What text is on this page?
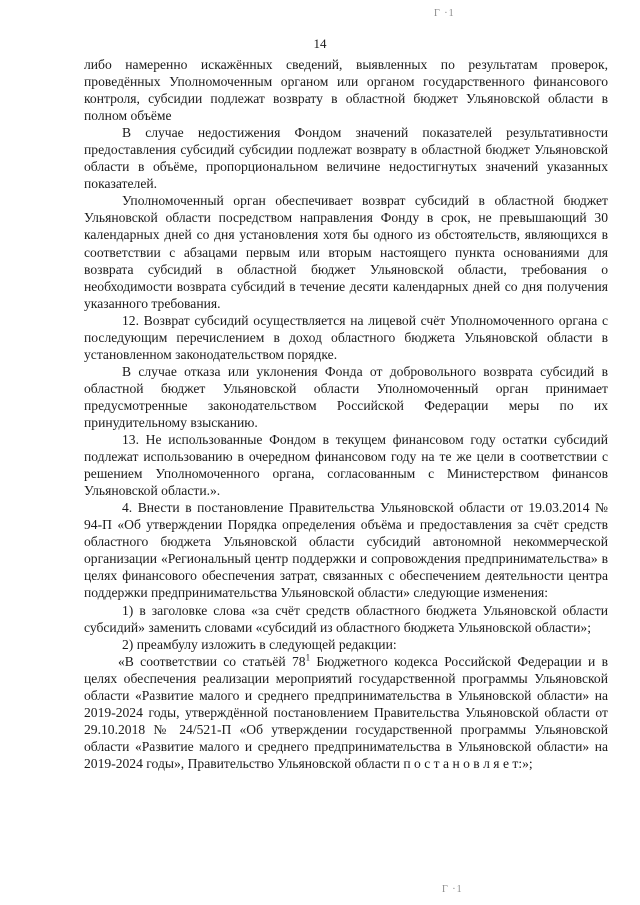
Г ·1
14

либо намеренно искажённых сведений, выявленных по результатам проверок, проведённых Уполномоченным органом или органом государственного финансового контроля, субсидии подлежат возврату в областной бюджет Ульяновской области в полном объёме

В случае недостижения Фондом значений показателей результативности предоставления субсидий субсидии подлежат возврату в областной бюджет Ульяновской области в объёме, пропорциональном величине недостигнутых значений указанных показателей.

Уполномоченный орган обеспечивает возврат субсидий в областной бюджет Ульяновской области посредством направления Фонду в срок, не превышающий 30 календарных дней со дня установления хотя бы одного из обстоятельств, являющихся в соответствии с абзацами первым или вторым настоящего пункта основаниями для возврата субсидий в областной бюджет Ульяновской области, требования о необходимости возврата субсидий в течение десяти календарных дней со дня получения указанного требования.

12. Возврат субсидий осуществляется на лицевой счёт Уполномоченного органа с последующим перечислением в доход областного бюджета Ульяновской области в установленном законодательством порядке.

В случае отказа или уклонения Фонда от добровольного возврата субсидий в областной бюджет Ульяновской области Уполномоченный орган принимает предусмотренные законодательством Российской Федерации меры по их принудительному взысканию.

13. Не использованные Фондом в текущем финансовом году остатки субсидий подлежат использованию в очередном финансовом году на те же цели в соответствии с решением Уполномоченного органа, согласованным с Министерством финансов Ульяновской области.».

4. Внести в постановление Правительства Ульяновской области от 19.03.2014 № 94-П «Об утверждении Порядка определения объёма и предоставления за счёт средств областного бюджета Ульяновской области субсидий автономной некоммерческой организации «Региональный центр поддержки и сопровождения предпринимательства» в целях финансового обеспечения затрат, связанных с обеспечением деятельности центра поддержки предпринимательства Ульяновской области» следующие изменения:

1) в заголовке слова «за счёт средств областного бюджета Ульяновской области субсидий» заменить словами «субсидий из областного бюджета Ульяновской области»;

2) преамбулу изложить в следующей редакции:

«В соответствии со статьёй $78^1$ Бюджетного кодекса Российской Федерации и в целях обеспечения реализации мероприятий государственной программы Ульяновской области «Развитие малого и среднего предпринимательства в Ульяновской области» на 2019-2024 годы, утверждённой постановлением Правительства Ульяновской области от 29.10.2018 № 24/521-П «Об утверждении государственной программы Ульяновской области «Развитие малого и среднего предпринимательства в Ульяновской области» на 2019-2024 годы», Правительство Ульяновской области п о с т а н о в л я е т:»;

Г ·1
